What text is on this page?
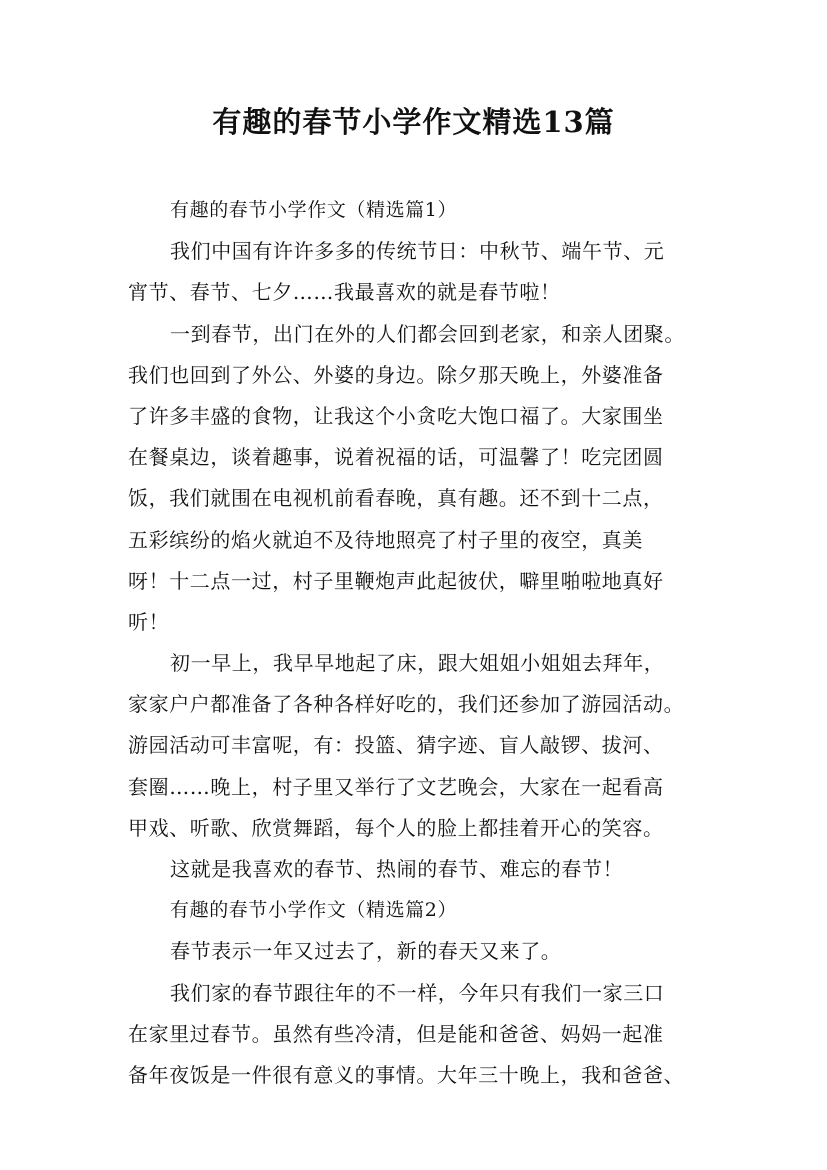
有趣的春节小学作文精选13篇
有趣的春节小学作文（精选篇1）
我们中国有许许多多的传统节日：中秋节、端午节、元
宵节、春节、七夕……我最喜欢的就是春节啦！
一到春节，出门在外的人们都会回到老家，和亲人团聚。
我们也回到了外公、外婆的身边。除夕那天晚上，外婆准备
了许多丰盛的食物，让我这个小贪吃大饱口福了。大家围坐
在餐桌边，谈着趣事，说着祝福的话，可温馨了！吃完团圆
饭，我们就围在电视机前看春晚，真有趣。还不到十二点，
五彩缤纷的焰火就迫不及待地照亮了村子里的夜空，真美
呀！十二点一过，村子里鞭炮声此起彼伏，噼里啪啦地真好
听！
初一早上，我早早地起了床，跟大姐姐小姐姐去拜年，
家家户户都准备了各种各样好吃的，我们还参加了游园活动。
游园活动可丰富呢，有：投篮、猜字迹、盲人敲锣、拔河、
套圈……晚上，村子里又举行了文艺晚会，大家在一起看高
甲戏、听歌、欣赏舞蹈，每个人的脸上都挂着开心的笑容。
这就是我喜欢的春节、热闹的春节、难忘的春节！
有趣的春节小学作文（精选篇2）
春节表示一年又过去了，新的春天又来了。
我们家的春节跟往年的不一样，今年只有我们一家三口
在家里过春节。虽然有些冷清，但是能和爸爸、妈妈一起准
备年夜饭是一件很有意义的事情。大年三十晚上，我和爸爸、
